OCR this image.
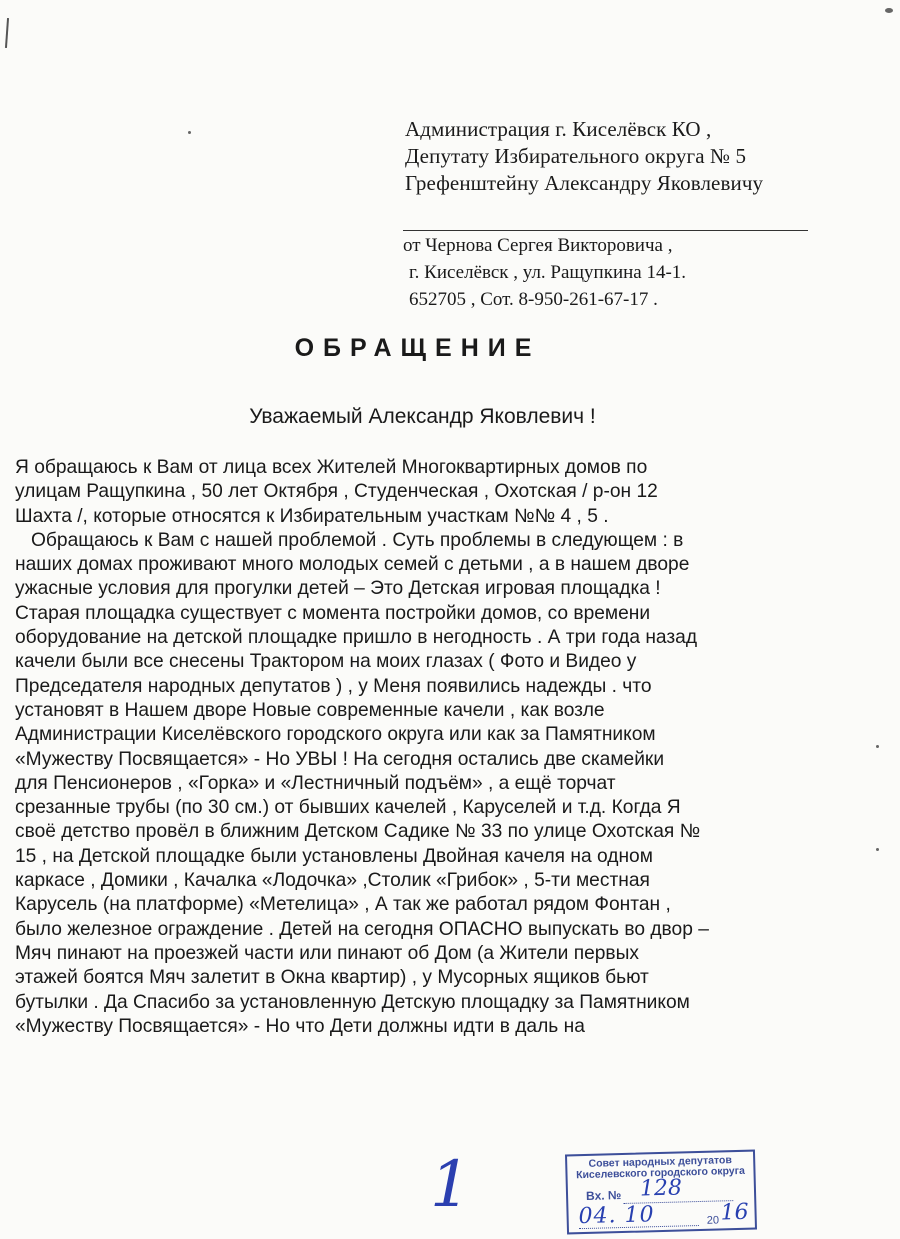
Администрация г. Киселёвск КО ,
Депутату Избирательного округа № 5
Грефенштейну Александру Яковлевичу
от Чернова Сергея Викторовича ,
г. Киселёвск , ул. Ращупкина 14-1.
652705 , Сот. 8-950-261-67-17 .
ОБРАЩЕНИЕ
Уважаемый Александр Яковлевич !
Я обращаюсь к Вам от лица всех Жителей Многоквартирных домов по
улицам Ращупкина , 50 лет Октября , Студенческая , Охотская / р-он 12
Шахта /, которые относятся к Избирательным участкам №№ 4 , 5 .
Обращаюсь к Вам с нашей проблемой . Суть проблемы в следующем : в
наших домах проживают много молодых семей с детьми , а в нашем дворе
ужасные условия для прогулки детей – Это Детская игровая площадка !
Старая площадка существует с момента постройки домов, со времени
оборудование на детской площадке пришло в негодность . А три года назад
качели были все снесены Трактором на моих глазах ( Фото и Видео у
Председателя народных депутатов ) , у Меня появились надежды . что
установят в Нашем дворе Новые современные качели , как возле
Администрации Киселёвского городского округа или как за Памятником
«Мужеству Посвящается» - Но УВЫ ! На сегодня остались две скамейки
для Пенсионеров , «Горка» и «Лестничный подъём» , а ещё торчат
срезанные трубы (по 30 см.) от бывших качелей , Каруселей и т.д. Когда Я
своё детство провёл в ближним Детском Садике № 33 по улице Охотская №
15 , на Детской площадке были установлены Двойная качеля на одном
каркасе , Домики , Качалка «Лодочка» ,Столик «Грибок» , 5-ти местная
Карусель (на платформе) «Метелица» , А так же работал рядом Фонтан ,
было железное ограждение . Детей на сегодня ОПАСНО выпускать во двор –
Мяч пинают на проезжей части или пинают об Дом (а Жители первых
этажей боятся Мяч залетит в Окна квартир) , у Мусорных ящиков бьют
бутылки . Да Спасибо за установленную Детскую площадку за Памятником
«Мужеству Посвящается» - Но что Дети должны идти в даль на
1	Совет народных депутатов Киселевского городского округа
Вх. № 128
04. 10	20 16
